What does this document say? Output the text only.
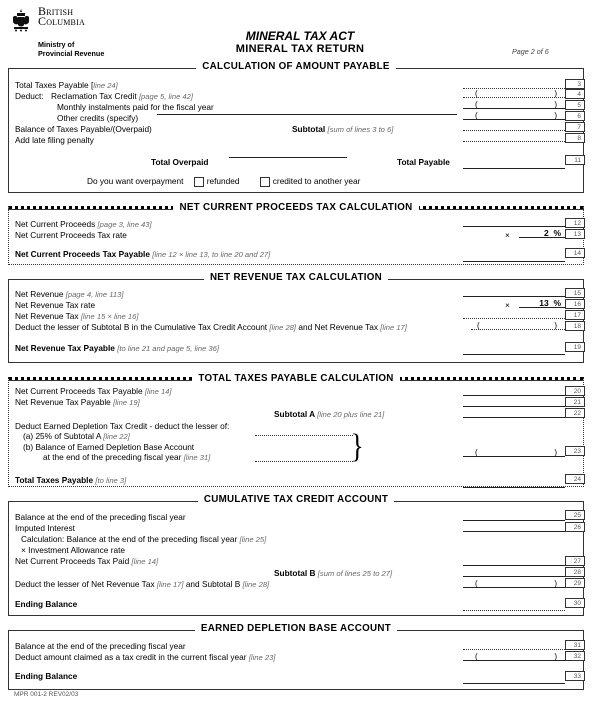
British
Columbia
Ministry of
Provincial Revenue
MINERAL TAX ACT
MINERAL TAX RETURN	Page 2 of 6
CALCULATION OF AMOUNT PAYABLE
Total Taxes Payable [line 24]	3
Deduct: Reclamation Tax Credit [page 5, line 42]	(	)	4
Monthly instalments paid for the fiscal year	(	)	5
Other credits (specify)	(	)	6
Balance of Taxes Payable/(Overpaid)	Subtotal [sum of lines 3 to 6]	7
Add late filing penalty	8
Total Overpaid	Total Payable	11
Do you want overpayment	refunded	credited to another year
NET CURRENT PROCEEDS TAX CALCULATION
Net Current Proceeds [page 3, line 43]	12
Net Current Proceeds Tax rate	×	2 %	13
Net Current Proceeds Tax Payable [line 12 × line 13, to line 20 and 27]	14
NET REVENUE TAX CALCULATION
Net Revenue [page 4, line 113]	15
Net Revenue Tax rate	×	13 %	16
Net Revenue Tax [line 15 × line 16]	17
Deduct the lesser of Subtotal B in the Cumulative Tax Credit Account [line 28] and Net Revenue Tax [line 17]	(	)	18
Net Revenue Tax Payable [to line 21 and page 5, line 36]	19
TOTAL TAXES PAYABLE CALCULATION
Net Current Proceeds Tax Payable [line 14]	20
Net Revenue Tax Payable [line 19]	21
Subtotal A [line 20 plus line 21]	22
Deduct Earned Depletion Tax Credit - deduct the lesser of:
(a) 25% of Subtotal A [line 22]
(b) Balance of Earned Depletion Base Account
at the end of the preceding fiscal year [line 31]	}	(	)	23
Total Taxes Payable [to line 3]	24
CUMULATIVE TAX CREDIT ACCOUNT
Balance at the end of the preceding fiscal year	25
Imputed Interest	26
Calculation: Balance at the end of the preceding fiscal year [line 25]
× Investment Allowance rate
Net Current Proceeds Tax Paid [line 14]	27
Subtotal B [sum of lines 25 to 27]	28
Deduct the lesser of Net Revenue Tax [line 17] and Subtotal B [line 28]	(	)	29
Ending Balance	30
EARNED DEPLETION BASE ACCOUNT
Balance at the end of the preceding fiscal year	31
Deduct amount claimed as a tax credit in the current fiscal year [line 23]	(	)	32
Ending Balance	33
MPR 001-2 REV02/03
